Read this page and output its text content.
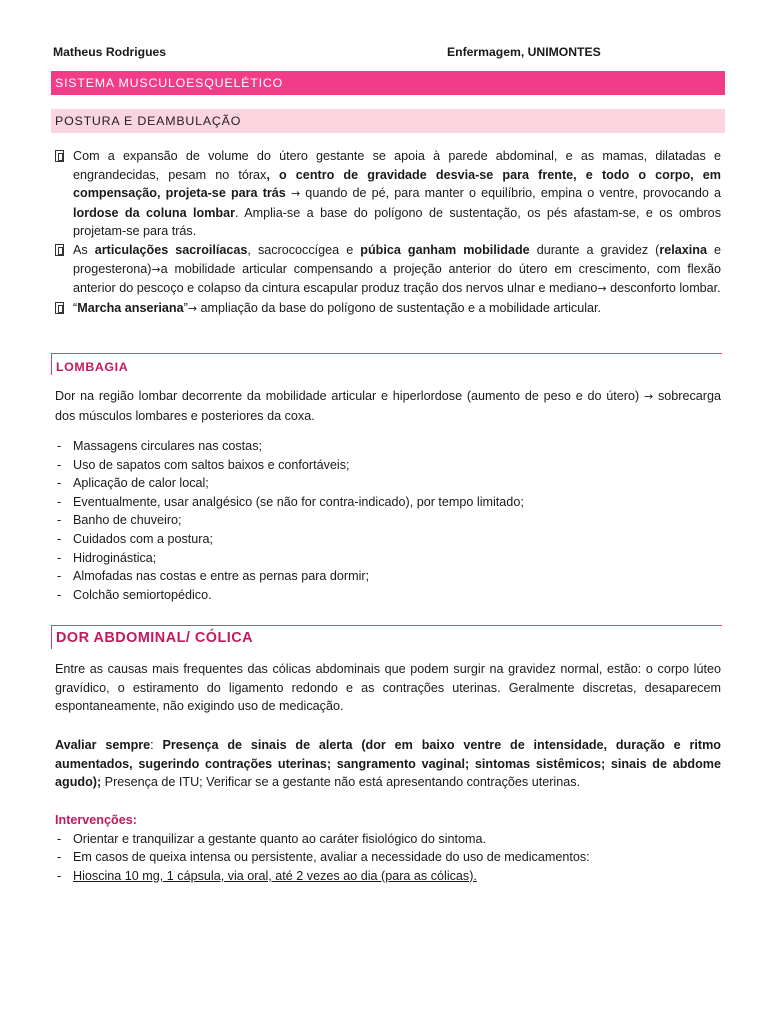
Matheus Rodrigues	Enfermagem, UNIMONTES
SISTEMA MUSCULOESQUELÉTICO
POSTURA E DEAMBULAÇÃO
Com a expansão de volume do útero gestante se apoia à parede abdominal, e as mamas, dilatadas e engrandecidas, pesam no tórax, o centro de gravidade desvia-se para frente, e todo o corpo, em compensação, projeta-se para trás → quando de pé, para manter o equilíbrio, empina o ventre, provocando a lordose da coluna lombar. Amplia-se a base do polígono de sustentação, os pés afastam-se, e os ombros projetam-se para trás.
As articulações sacroilíacas, sacrococcígea e púbica ganham mobilidade durante a gravidez (relaxina e progesterona)→a mobilidade articular compensando a projeção anterior do útero em crescimento, com flexão anterior do pescoço e colapso da cintura escapular produz tração dos nervos ulnar e mediano→ desconforto lombar.
“Marcha anseriana”→ ampliação da base do polígono de sustentação e a mobilidade articular.
LOMBAGIA
Dor na região lombar decorrente da mobilidade articular e hiperlordose (aumento de peso e do útero) → sobrecarga dos músculos lombares e posteriores da coxa.
- Massagens circulares nas costas;
- Uso de sapatos com saltos baixos e confortáveis;
- Aplicação de calor local;
- Eventualmente, usar analgésico (se não for contra-indicado), por tempo limitado;
- Banho de chuveiro;
- Cuidados com a postura;
- Hidroginástica;
- Almofadas nas costas e entre as pernas para dormir;
- Colchão semiortopédico.
DOR ABDOMINAL/ CÓLICA
Entre as causas mais frequentes das cólicas abdominais que podem surgir na gravidez normal, estão: o corpo lúteo gravídico, o estiramento do ligamento redondo e as contrações uterinas. Geralmente discretas, desaparecem espontaneamente, não exigindo uso de medicação.
Avaliar sempre: Presença de sinais de alerta (dor em baixo ventre de intensidade, duração e ritmo aumentados, sugerindo contrações uterinas; sangramento vaginal; sintomas sistêmicos; sinais de abdome agudo); Presença de ITU; Verificar se a gestante não está apresentando contrações uterinas.
Intervenções:
- Orientar e tranquilizar a gestante quanto ao caráter fisiológico do sintoma.
- Em casos de queixa intensa ou persistente, avaliar a necessidade do uso de medicamentos:
- Hioscina 10 mg, 1 cápsula, via oral, até 2 vezes ao dia (para as cólicas).
